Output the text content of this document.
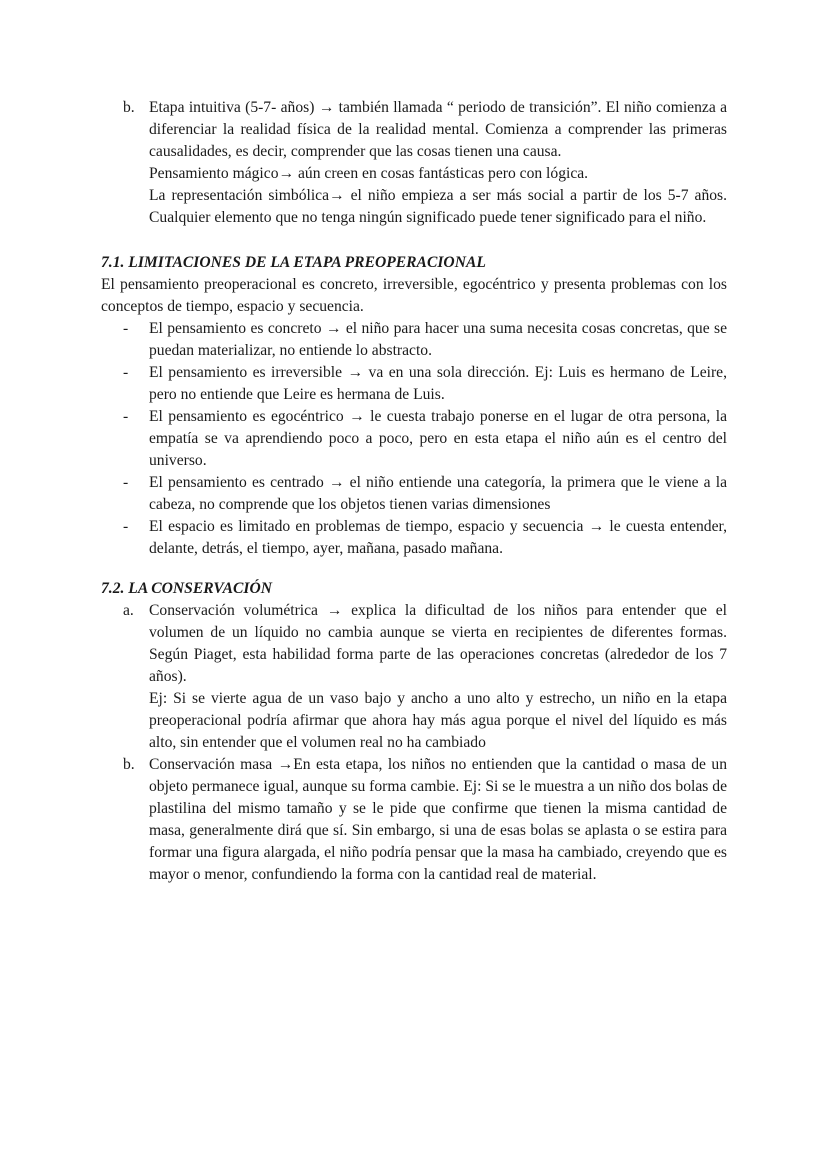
b. Etapa intuitiva (5-7- años) → también llamada “ periodo de transición”. El niño comienza a diferenciar la realidad física de la realidad mental. Comienza a comprender las primeras causalidades, es decir, comprender que las cosas tienen una causa.

Pensamiento mágico→ aún creen en cosas fantásticas pero con lógica.

La representación simbólica→ el niño empieza a ser más social a partir de los 5-7 años. Cualquier elemento que no tenga ningún significado puede tener significado para el niño.

7.1. LIMITACIONES DE LA ETAPA PREOPERACIONAL

El pensamiento preoperacional es concreto, irreversible, egocéntrico y presenta problemas con los conceptos de tiempo, espacio y secuencia.

- El pensamiento es concreto → el niño para hacer una suma necesita cosas concretas, que se puedan materializar, no entiende lo abstracto.

- El pensamiento es irreversible → va en una sola dirección. Ej: Luis es hermano de Leire, pero no entiende que Leire es hermana de Luis.

- El pensamiento es egocéntrico → le cuesta trabajo ponerse en el lugar de otra persona, la empatía se va aprendiendo poco a poco, pero en esta etapa el niño aún es el centro del universo.

- El pensamiento es centrado → el niño entiende una categoría, la primera que le viene a la cabeza, no comprende que los objetos tienen varias dimensiones

- El espacio es limitado en problemas de tiempo, espacio y secuencia → le cuesta entender, delante, detrás, el tiempo, ayer, mañana, pasado mañana.

7.2. LA CONSERVACIÓN
a. Conservación volumétrica → explica la dificultad de los niños para entender que el volumen de un líquido no cambia aunque se vierta en recipientes de diferentes formas. Según Piaget, esta habilidad forma parte de las operaciones concretas (alrededor de los 7 años).

Ej: Si se vierte agua de un vaso bajo y ancho a uno alto y estrecho, un niño en la etapa preoperacional podría afirmar que ahora hay más agua porque el nivel del líquido es más alto, sin entender que el volumen real no ha cambiado

b. Conservación masa →En esta etapa, los niños no entienden que la cantidad o masa de un objeto permanece igual, aunque su forma cambie. Ej: Si se le muestra a un niño dos bolas de plastilina del mismo tamaño y se le pide que confirme que tienen la misma cantidad de masa, generalmente dirá que sí. Sin embargo, si una de esas bolas se aplasta o se estira para formar una figura alargada, el niño podría pensar que la masa ha cambiado, creyendo que es mayor o menor, confundiendo la forma con la cantidad real de material.
